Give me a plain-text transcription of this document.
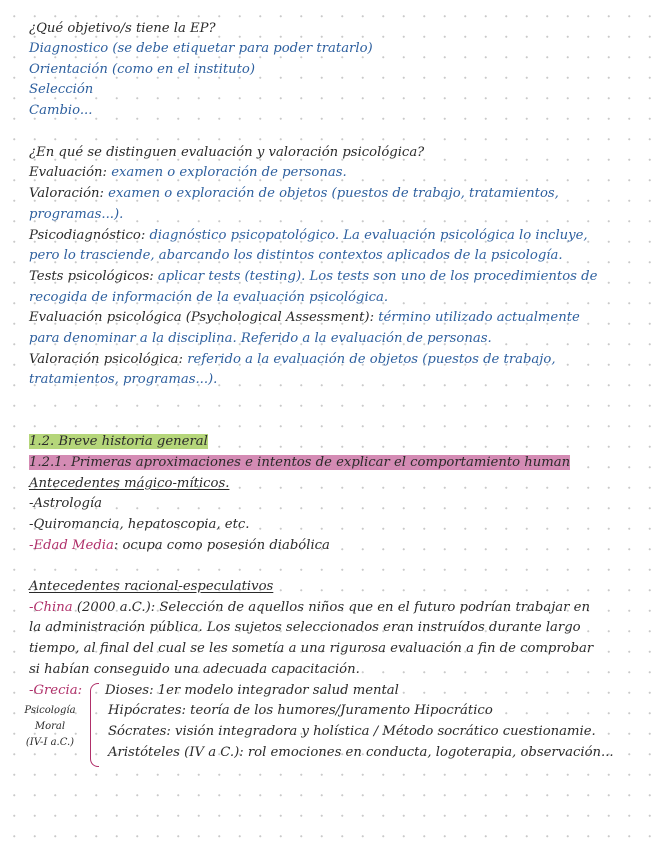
¿Qué objetivo/s tiene la EP?
Diagnostico (se debe etiquetar para poder tratarlo)
Orientación (como en el instituto)
Selección
Cambio...
¿En qué se distinguen evaluación y valoración psicológica?
Evaluación: examen o exploración de personas.
Valoración: examen o exploración de objetos (puestos de trabajo, tratamientos,
programas...).
Psicodiagnóstico: diagnóstico psicopatológico. La evaluación psicológica lo incluye,
pero lo trasciende, abarcando los distintos contextos aplicados de la psicología.
Tests psicológicos: aplicar tests (testing). Los tests son uno de los procedimientos de
recogida de información de la evaluación psicológica.
Evaluación psicológica (Psychological Assessment): término utilizado actualmente
para denominar a la disciplina. Referido a la evaluación de personas.
Valoración psicológica: referido a la evaluación de objetos (puestos de trabajo,
tratamientos, programas...).
1.2. Breve historia general
1.2.1. Primeras aproximaciones e intentos de explicar el comportamiento human
Antecedentes mágico-míticos.
-Astrología
-Quiromancia, hepatoscopia, etc.
-Edad Media: ocupa como posesión diabólica
Antecedentes racional-especulativos
-China (2000 a.C.): Selección de aquellos niños que en el futuro podrían trabajar en
la administración pública. Los sujetos seleccionados eran instruídos durante largo
tiempo, al final del cual se les sometía a una rigurosa evaluación a fin de comprobar
si habían conseguido una adecuada capacitación.
-Grecia:
Psicología
Moral
(IV-I a.C.)
Dioses: 1er modelo integrador salud mental
Hipócrates: teoría de los humores/Juramento Hipocrático
Sócrates: visión integradora y holística / Método socrático cuestionamie.
Aristóteles (IV a C.): rol emociones en conducta, logoterapia, observación...
